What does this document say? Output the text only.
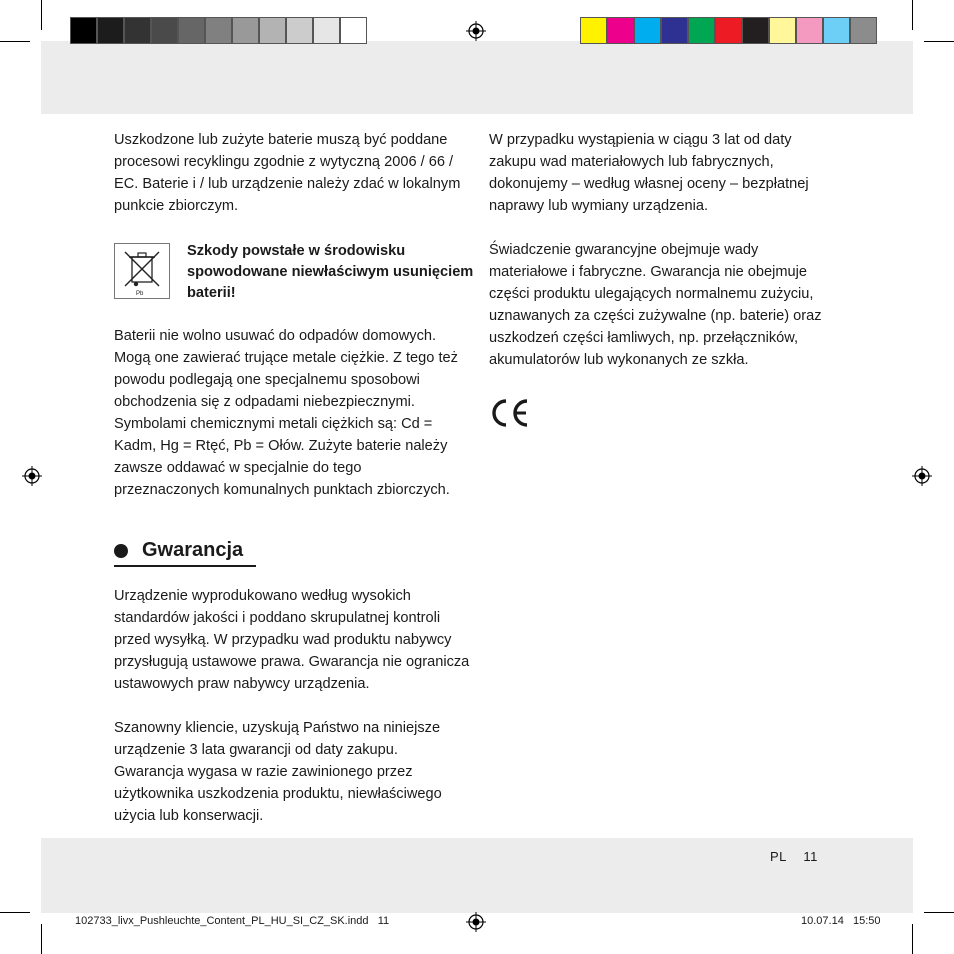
Uszkodzone lub zużyte baterie muszą być poddane procesowi recyklingu zgodnie z wytyczną 2006 / 66 / EC. Baterie i / lub urządzenie należy zdać w lokalnym punkcie zbiorczym.

Pb
Szkody powstałe w środowisku spowodowane niewłaściwym usunięciem baterii!

Baterii nie wolno usuwać do odpadów domowych. Mogą one zawierać trujące metale ciężkie. Z tego też powodu podlegają one specjalnemu sposobowi obchodzenia się z odpadami niebezpiecznymi. Symbolami chemicznymi metali ciężkich są: Cd = Kadm, Hg = Rtęć, Pb = Ołów. Zużyte baterie należy zawsze oddawać w specjalnie do tego przeznaczonych komunalnych punktach zbiorczych.

Gwarancja

Urządzenie wyprodukowano według wysokich standardów jakości i poddano skrupulatnej kontroli przed wysyłką. W przypadku wad produktu nabywcy przysługują ustawowe prawa. Gwarancja nie ogranicza ustawowych praw nabywcy urządzenia.

Szanowny kliencie, uzyskują Państwo na niniejsze urządzenie 3 lata gwarancji od daty zakupu. Gwarancja wygasa w razie zawinionego przez użytkownika uszkodzenia produktu, niewłaściwego użycia lub konserwacji.

W przypadku wystąpienia w ciągu 3 lat od daty zakupu wad materiałowych lub fabrycznych, dokonujemy – według własnej oceny – bezpłatnej naprawy lub wymiany urządzenia.

Świadczenie gwarancyjne obejmuje wady materiałowe i fabryczne. Gwarancja nie obejmuje części produktu ulegających normalnemu zużyciu, uznawanych za części zużywalne (np. baterie) oraz uszkodzeń części łamliwych, np. przełączników, akumulatorów lub wykonanych ze szkła.

PL 11
102733_livx_Pushleuchte_Content_PL_HU_SI_CZ_SK.indd   11	10.07.14   15:50
